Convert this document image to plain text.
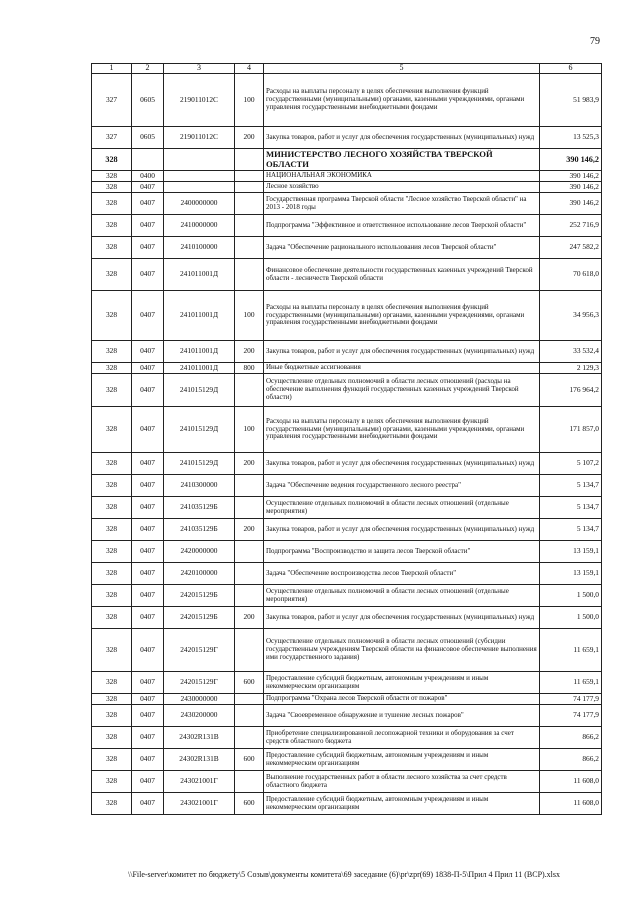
79
1	2	3	4	5	6
327	0605	219011012С	100	Расходы на выплаты персоналу в целях обеспечения выполнения функций государственными (муниципальными) органами, казенными учреждениями, органами управления государственными внебюджетными фондами	51 983,9
327	0605	219011012С	200	Закупка товаров, работ и услуг для обеспечения государственных (муниципальных) нужд	13 525,3
328				МИНИСТЕРСТВО ЛЕСНОГО ХОЗЯЙСТВА ТВЕРСКОЙ ОБЛАСТИ	390 146,2
328	0400			НАЦИОНАЛЬНАЯ ЭКОНОМИКА	390 146,2
328	0407			Лесное хозяйство	390 146,2
328	0407	2400000000		Государственная программа Тверской области "Лесное хозяйство Тверской области" на 2013 - 2018 годы	390 146,2
328	0407	2410000000		Подпрограмма "Эффективное и ответственное использование лесов Тверской области"	252 716,9
328	0407	2410100000		Задача "Обеспечение рационального использования лесов Тверской области"	247 582,2
328	0407	241011001Д		Финансовое обеспечение деятельности государственных казенных учреждений Тверской области - лесничеств Тверской области	70 618,0
328	0407	241011001Д	100	Расходы на выплаты персоналу в целях обеспечения выполнения функций государственными (муниципальными) органами, казенными учреждениями, органами управления государственными внебюджетными фондами	34 956,3
328	0407	241011001Д	200	Закупка товаров, работ и услуг для обеспечения государственных (муниципальных) нужд	33 532,4
328	0407	241011001Д	800	Иные бюджетные ассигнования	2 129,3
328	0407	241015129Д		Осуществление отдельных полномочий в области лесных отношений (расходы на обеспечение выполнения функций государственных казенных учреждений Тверской области)	176 964,2
328	0407	241015129Д	100	Расходы на выплаты персоналу в целях обеспечения выполнения функций государственными (муниципальными) органами, казенными учреждениями, органами управления государственными внебюджетными фондами	171 857,0
328	0407	241015129Д	200	Закупка товаров, работ и услуг для обеспечения государственных (муниципальных) нужд	5 107,2
328	0407	2410300000		Задача "Обеспечение ведения государственного лесного реестра"	5 134,7
328	0407	241035129Б		Осуществление отдельных полномочий в области лесных отношений (отдельные мероприятия)	5 134,7
328	0407	241035129Б	200	Закупка товаров, работ и услуг для обеспечения государственных (муниципальных) нужд	5 134,7
328	0407	2420000000		Подпрограмма "Воспроизводство и защита лесов Тверской области"	13 159,1
328	0407	2420100000		Задача "Обеспечение воспроизводства лесов Тверской области"	13 159,1
328	0407	242015129Б		Осуществление отдельных полномочий в области лесных отношений (отдельные мероприятия)	1 500,0
328	0407	242015129Б	200	Закупка товаров, работ и услуг для обеспечения государственных (муниципальных) нужд	1 500,0
328	0407	242015129Г		Осуществление отдельных полномочий в области лесных отношений (субсидии государственным учреждениям Тверской области на финансовое обеспечение выполнения ими государственного задания)	11 659,1
328	0407	242015129Г	600	Предоставление субсидий бюджетным, автономным учреждениям и иным некоммерческим организациям	11 659,1
328	0407	2430000000		Подпрограмма "Охрана лесов Тверской области от пожаров"	74 177,9
328	0407	2430200000		Задача "Своевременное обнаружение и тушение лесных пожаров"	74 177,9
328	0407	24302R131В		Приобретение специализированной лесопожарной техники и оборудования за счет средств областного бюджета	866,2
328	0407	24302R131В	600	Предоставление субсидий бюджетным, автономным учреждениям и иным некоммерческим организациям	866,2
328	0407	243021001Г		Выполнение государственных работ в области лесного хозяйства за счет средств областного бюджета	11 608,0
328	0407	243021001Г	600	Предоставление субсидий бюджетным, автономным учреждениям и иным некоммерческим организациям	11 608,0
\\File-server\комитет по бюджету\5 Созыв\документы комитета\69 заседание (6)\pr\zpr(69) 1838-П-5\Прил 4 Прил 11 (ВСР).xlsx
